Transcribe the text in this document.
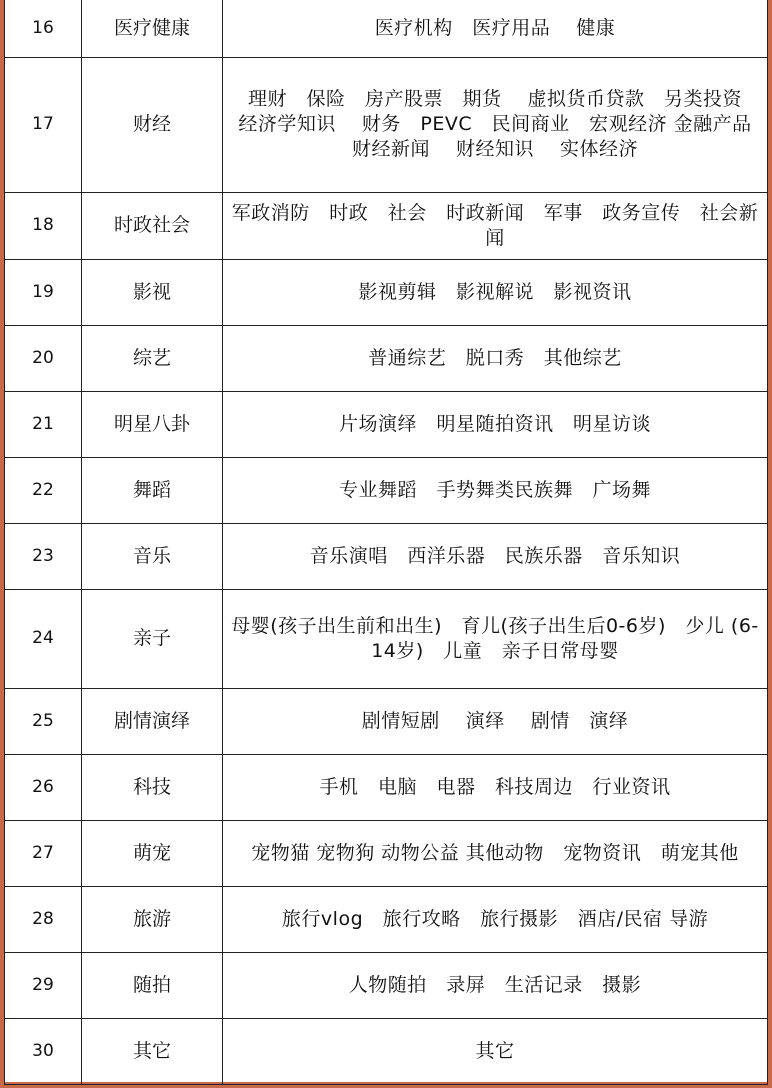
16	医疗健康	医疗机构　医疗用品　 健康
17	财经	理财　保险　房产股票　期货　 虚拟货币贷款　另类投资　经济学知识　 财务　PEVC　民间商业　宏观经济 金融产品　财经新闻　 财经知识　 实体经济
18	时政社会	军政消防　时政　社会　时政新闻　军事　政务宣传　社会新闻
19	影视	影视剪辑　影视解说　影视资讯
20	综艺	普通综艺　脱口秀　其他综艺
21	明星八卦	片场演绎　明星随拍资讯　明星访谈
22	舞蹈	专业舞蹈　手势舞类民族舞　广场舞
23	音乐	音乐演唱　西洋乐器　民族乐器　音乐知识
24	亲子	母婴(孩子出生前和出生)　育儿(孩子出生后0-6岁)　少儿 (6-14岁)　儿童　亲子日常母婴
25	剧情演绎	剧情短剧　 演绎　 剧情　演绎
26	科技	手机　电脑　电器　科技周边　行业资讯
27	萌宠	宠物猫 宠物狗 动物公益 其他动物　宠物资讯　萌宠其他
28	旅游	旅行vlog　旅行攻略　旅行摄影　酒店/民宿 导游
29	随拍	人物随拍　录屏　生活记录　摄影
30	其它	其它
